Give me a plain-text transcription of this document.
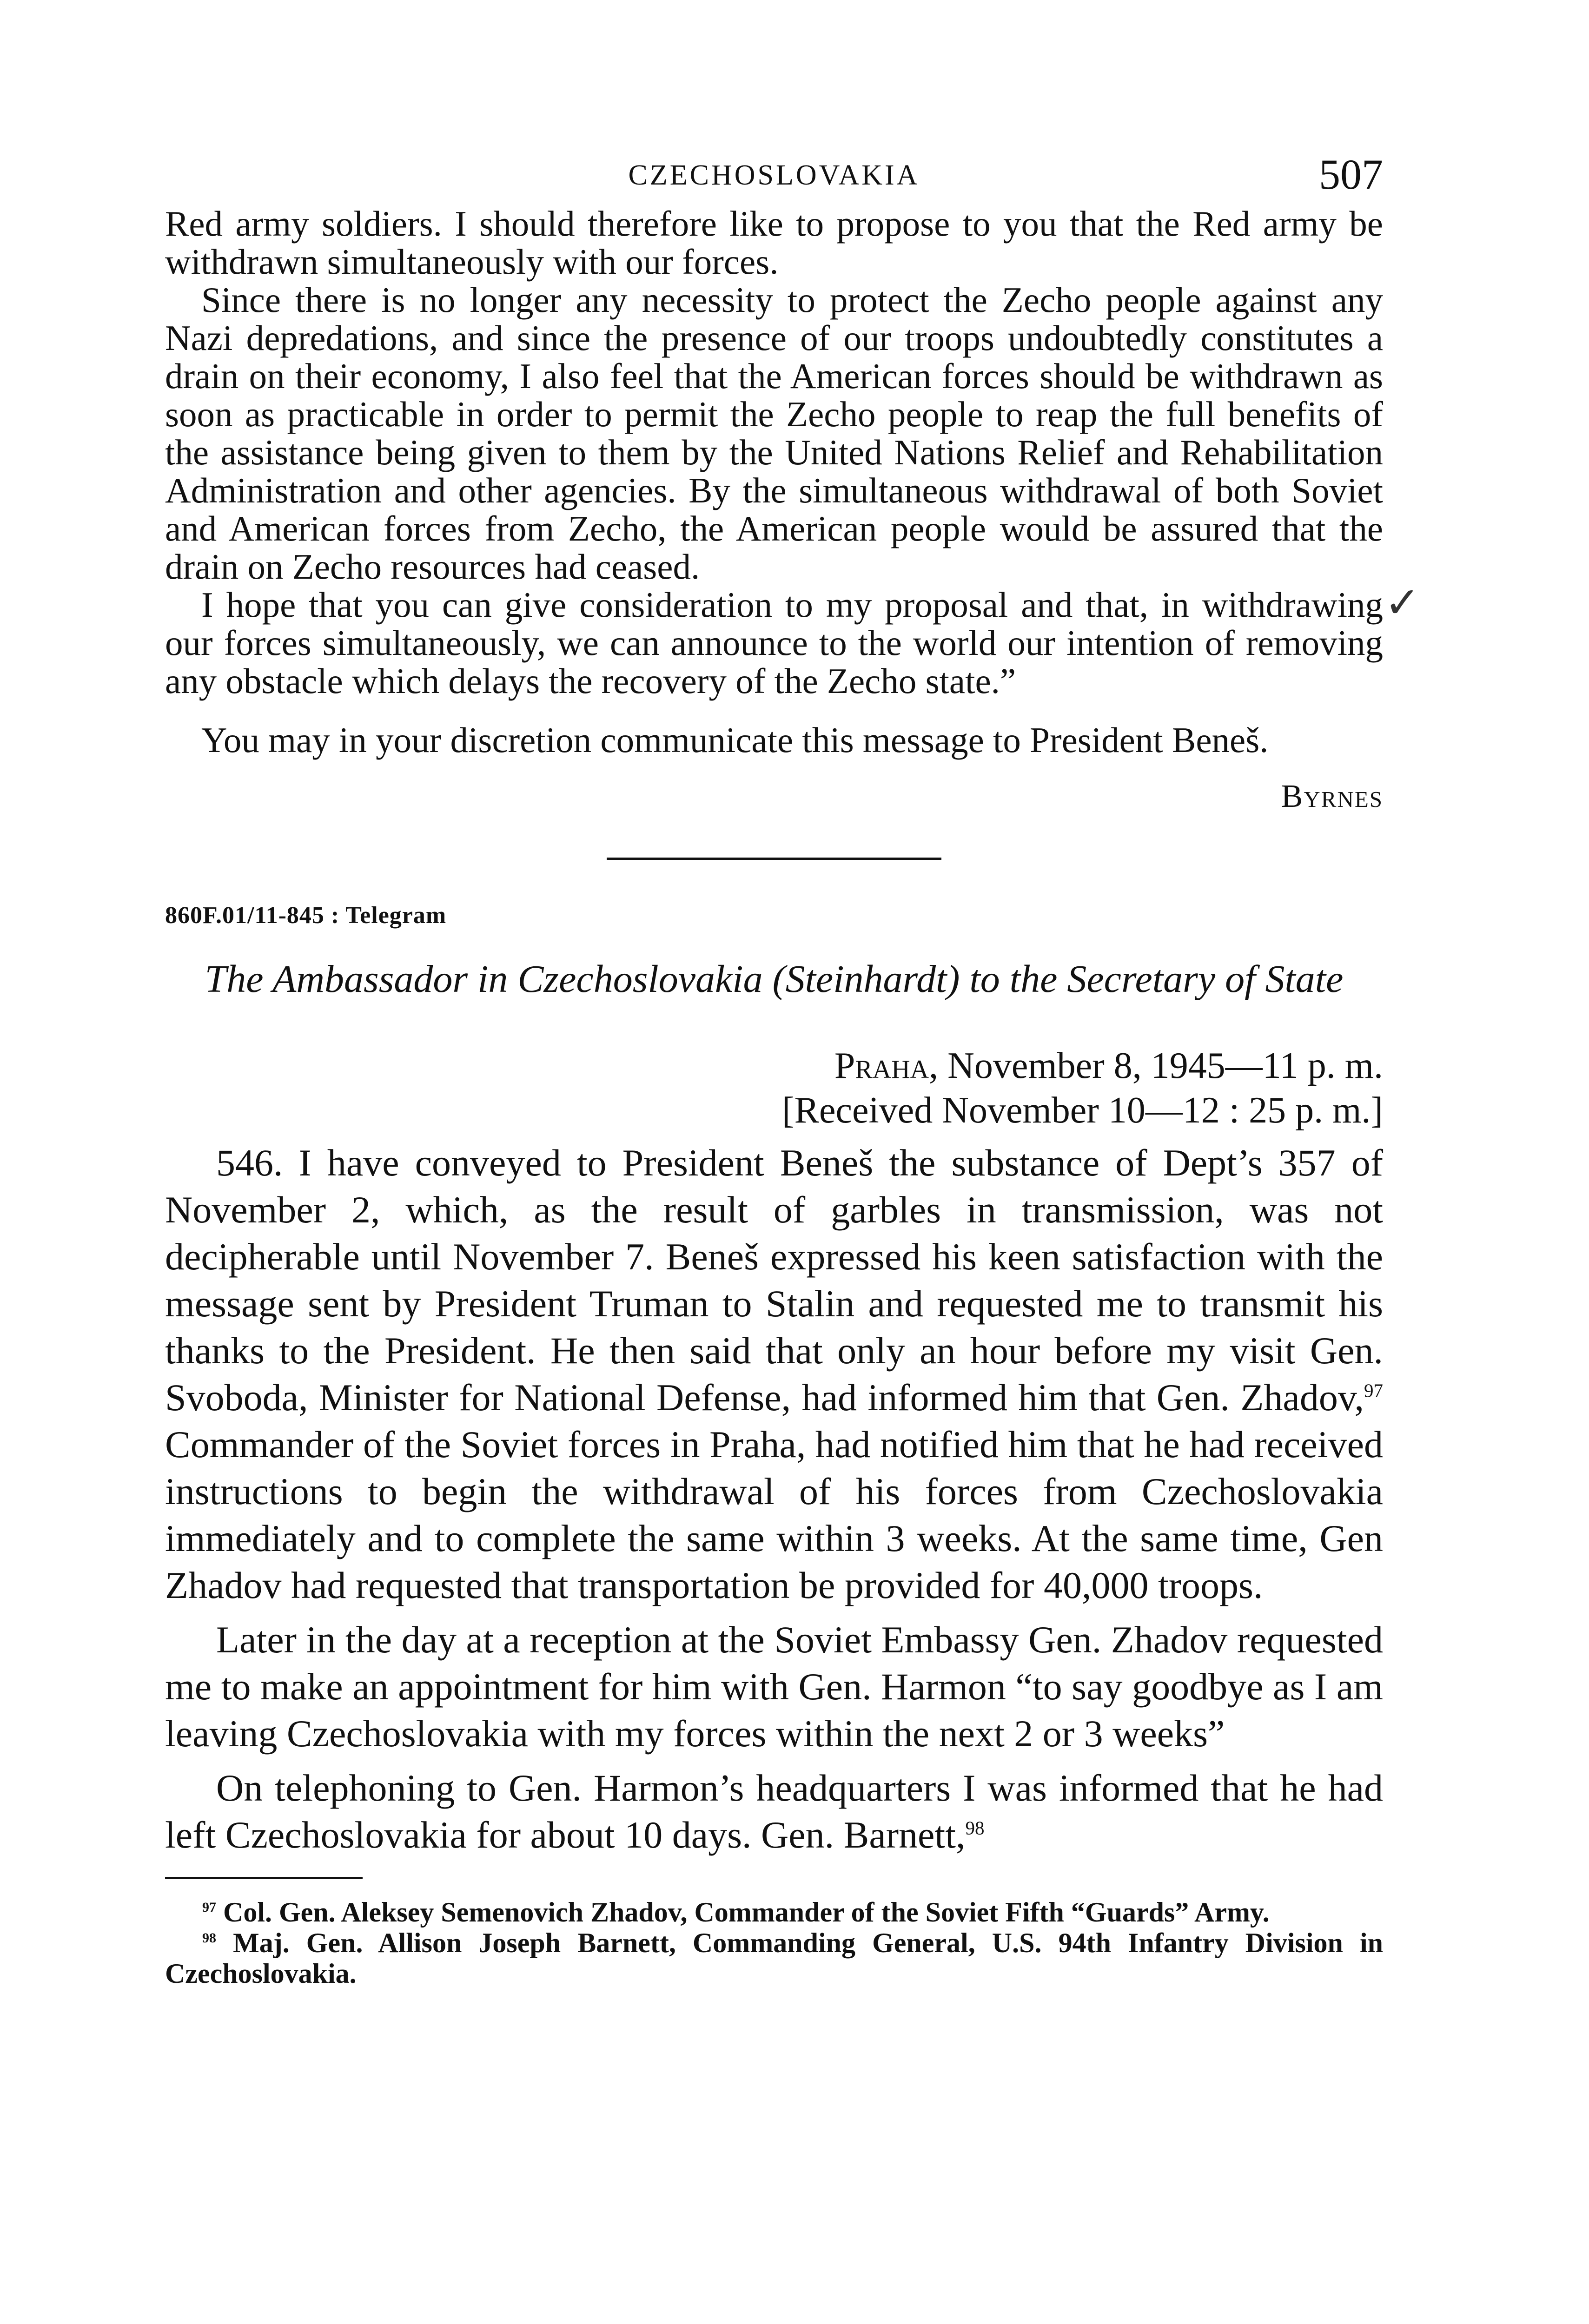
CZECHOSLOVAKIA	507

Red army soldiers. I should therefore like to propose to you that the Red army be withdrawn simultaneously with our forces.

Since there is no longer any necessity to protect the Zecho people against any Nazi depredations, and since the presence of our troops undoubtedly constitutes a drain on their economy, I also feel that the American forces should be withdrawn as soon as practicable in order to permit the Zecho people to reap the full benefits of the assistance being given to them by the United Nations Relief and Rehabilitation Administration and other agencies. By the simultaneous withdrawal of both Soviet and American forces from Zecho, the American people would be assured that the drain on Zecho resources had ceased.

I hope that you can give consideration to my proposal and that, in withdrawing our forces simultaneously, we can announce to the world our intention of removing any obstacle which delays the recovery of the Zecho state.”

✓

You may in your discretion communicate this message to President Beneš.

Byrnes
860F.01/11-845 : Telegram
The Ambassador in Czechoslovakia (Steinhardt) to the Secretary of State
Praha, November 8, 1945—11 p. m.
[Received November 10—12 : 25 p. m.]

546. I have conveyed to President Beneš the substance of Dept’s 357 of November 2, which, as the result of garbles in transmission, was not decipherable until November 7. Beneš expressed his keen satisfaction with the message sent by President Truman to Stalin and requested me to transmit his thanks to the President. He then said that only an hour before my visit Gen. Svoboda, Minister for National Defense, had informed him that Gen. Zhadov,$^{97}$ Commander of the Soviet forces in Praha, had notified him that he had received instructions to begin the withdrawal of his forces from Czechoslovakia immediately and to complete the same within 3 weeks. At the same time, Gen Zhadov had requested that transportation be provided for 40,000 troops.

Later in the day at a reception at the Soviet Embassy Gen. Zhadov requested me to make an appointment for him with Gen. Harmon “to say goodbye as I am leaving Czechoslovakia with my forces within the next 2 or 3 weeks”

On telephoning to Gen. Harmon’s headquarters I was informed that he had left Czechoslovakia for about 10 days. Gen. Barnett,$^{98}$

$^{97}$ Col. Gen. Aleksey Semenovich Zhadov, Commander of the Soviet Fifth “Guards” Army.

$^{98}$ Maj. Gen. Allison Joseph Barnett, Commanding General, U.S. 94th Infantry Division in Czechoslovakia.
